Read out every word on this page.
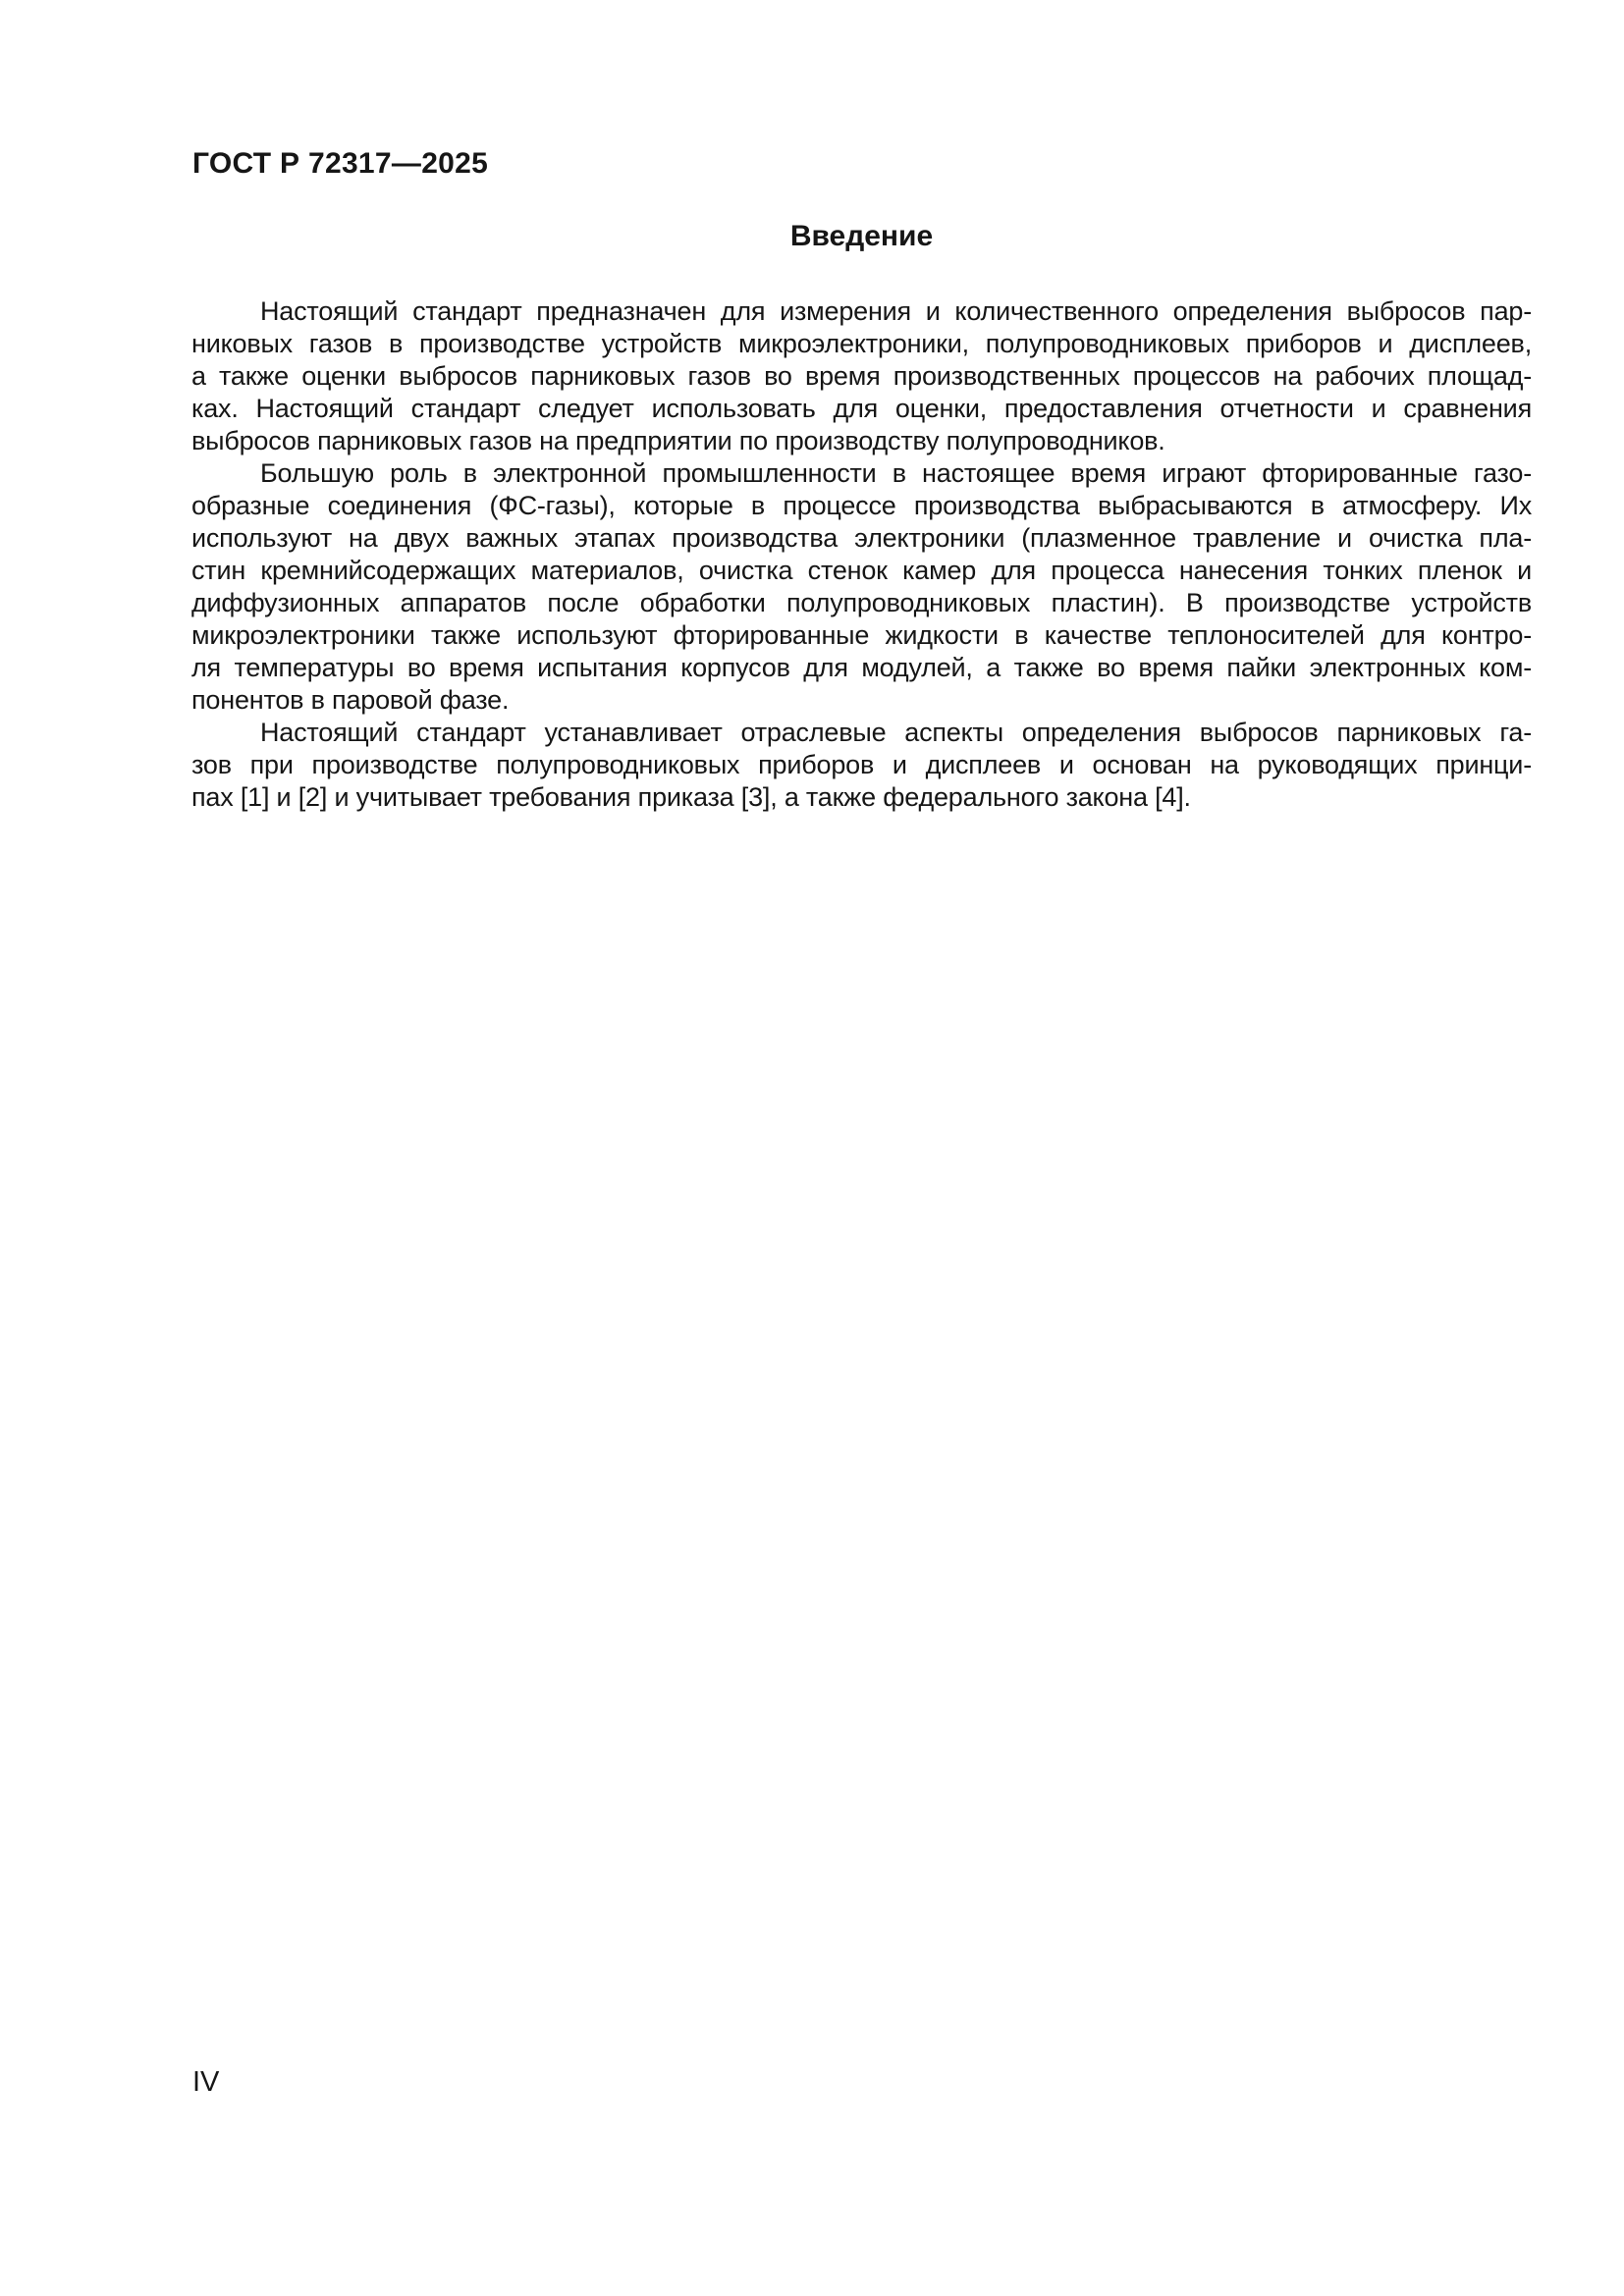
ГОСТ Р 72317—2025
Введение

Настоящий стандарт предназначен для измерения и количественного определения выбросов пар-
никовых газов в производстве устройств микроэлектроники, полупроводниковых приборов и дисплеев,
а также оценки выбросов парниковых газов во время производственных процессов на рабочих площад-
ках. Настоящий стандарт следует использовать для оценки, предоставления отчетности и сравнения
выбросов парниковых газов на предприятии по производству полупроводников.

Большую роль в электронной промышленности в настоящее время играют фторированные газо-
образные соединения (ФС-газы), которые в процессе производства выбрасываются в атмосферу. Их
используют на двух важных этапах производства электроники (плазменное травление и очистка пла-
стин кремнийсодержащих материалов, очистка стенок камер для процесса нанесения тонких пленок и
диффузионных аппаратов после обработки полупроводниковых пластин). В производстве устройств
микроэлектроники также используют фторированные жидкости в качестве теплоносителей для контро-
ля температуры во время испытания корпусов для модулей, а также во время пайки электронных ком-
понентов в паровой фазе.

Настоящий стандарт устанавливает отраслевые аспекты определения выбросов парниковых га-
зов при производстве полупроводниковых приборов и дисплеев и основан на руководящих принци-
пах [1] и [2] и учитывает требования приказа [3], а также федерального закона [4].

IV
